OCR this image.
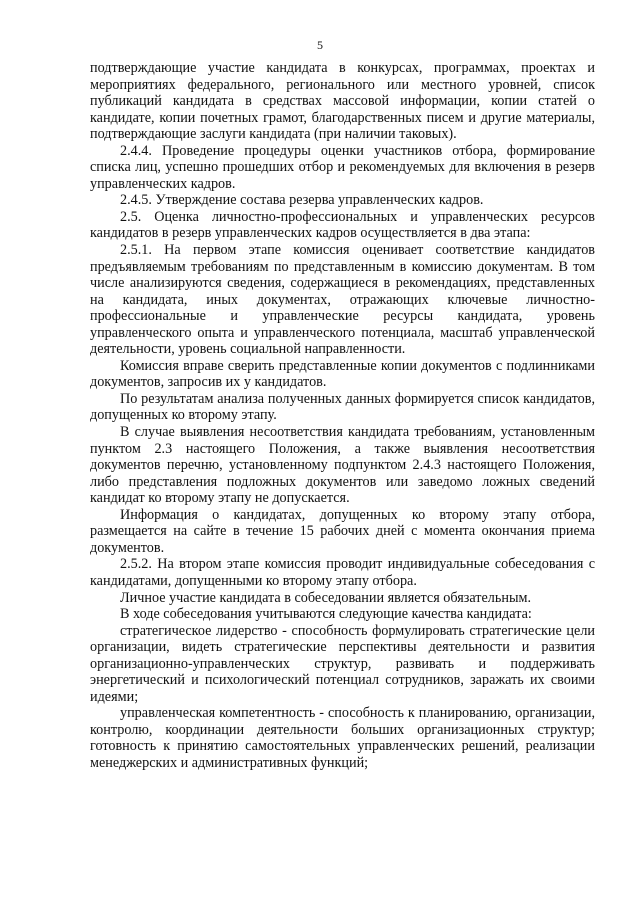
5

подтверждающие участие кандидата в конкурсах, программах, проектах и мероприятиях федерального, регионального или местного уровней, список публикаций кандидата в средствах массовой информации, копии статей о кандидате, копии почетных грамот, благодарственных писем и другие материалы, подтверждающие заслуги кандидата (при наличии таковых).

2.4.4. Проведение процедуры оценки участников отбора, формирование списка лиц, успешно прошедших отбор и рекомендуемых для включения в резерв управленческих кадров.

2.4.5. Утверждение состава резерва управленческих кадров.

2.5. Оценка личностно-профессиональных и управленческих ресурсов кандидатов в резерв управленческих кадров осуществляется в два этапа:

2.5.1. На первом этапе комиссия оценивает соответствие кандидатов предъявляемым требованиям по представленным в комиссию документам. В том числе анализируются сведения, содержащиеся в рекомендациях, представленных на кандидата, иных документах, отражающих ключевые личностно-профессиональные и управленческие ресурсы кандидата, уровень управленческого опыта и управленческого потенциала, масштаб управленческой деятельности, уровень социальной направленности.

Комиссия вправе сверить представленные копии документов с подлинниками документов, запросив их у кандидатов.

По результатам анализа полученных данных формируется список кандидатов, допущенных ко второму этапу.

В случае выявления несоответствия кандидата требованиям, установленным пунктом 2.3 настоящего Положения, а также выявления несоответствия документов перечню, установленному подпунктом 2.4.3 настоящего Положения, либо представления подложных документов или заведомо ложных сведений кандидат ко второму этапу не допускается.

Информация о кандидатах, допущенных ко второму этапу отбора, размещается на сайте в течение 15 рабочих дней с момента окончания приема документов.

2.5.2. На втором этапе комиссия проводит индивидуальные собеседования с кандидатами, допущенными ко второму этапу отбора.

Личное участие кандидата в собеседовании является обязательным.

В ходе собеседования учитываются следующие качества кандидата:

стратегическое лидерство - способность формулировать стратегические цели организации, видеть стратегические перспективы деятельности и развития организационно-управленческих структур, развивать и поддерживать энергетический и психологический потенциал сотрудников, заражать их своими идеями;

управленческая компетентность - способность к планированию, организации, контролю, координации деятельности больших организационных структур; готовность к принятию самостоятельных управленческих решений, реализации менеджерских и административных функций;
